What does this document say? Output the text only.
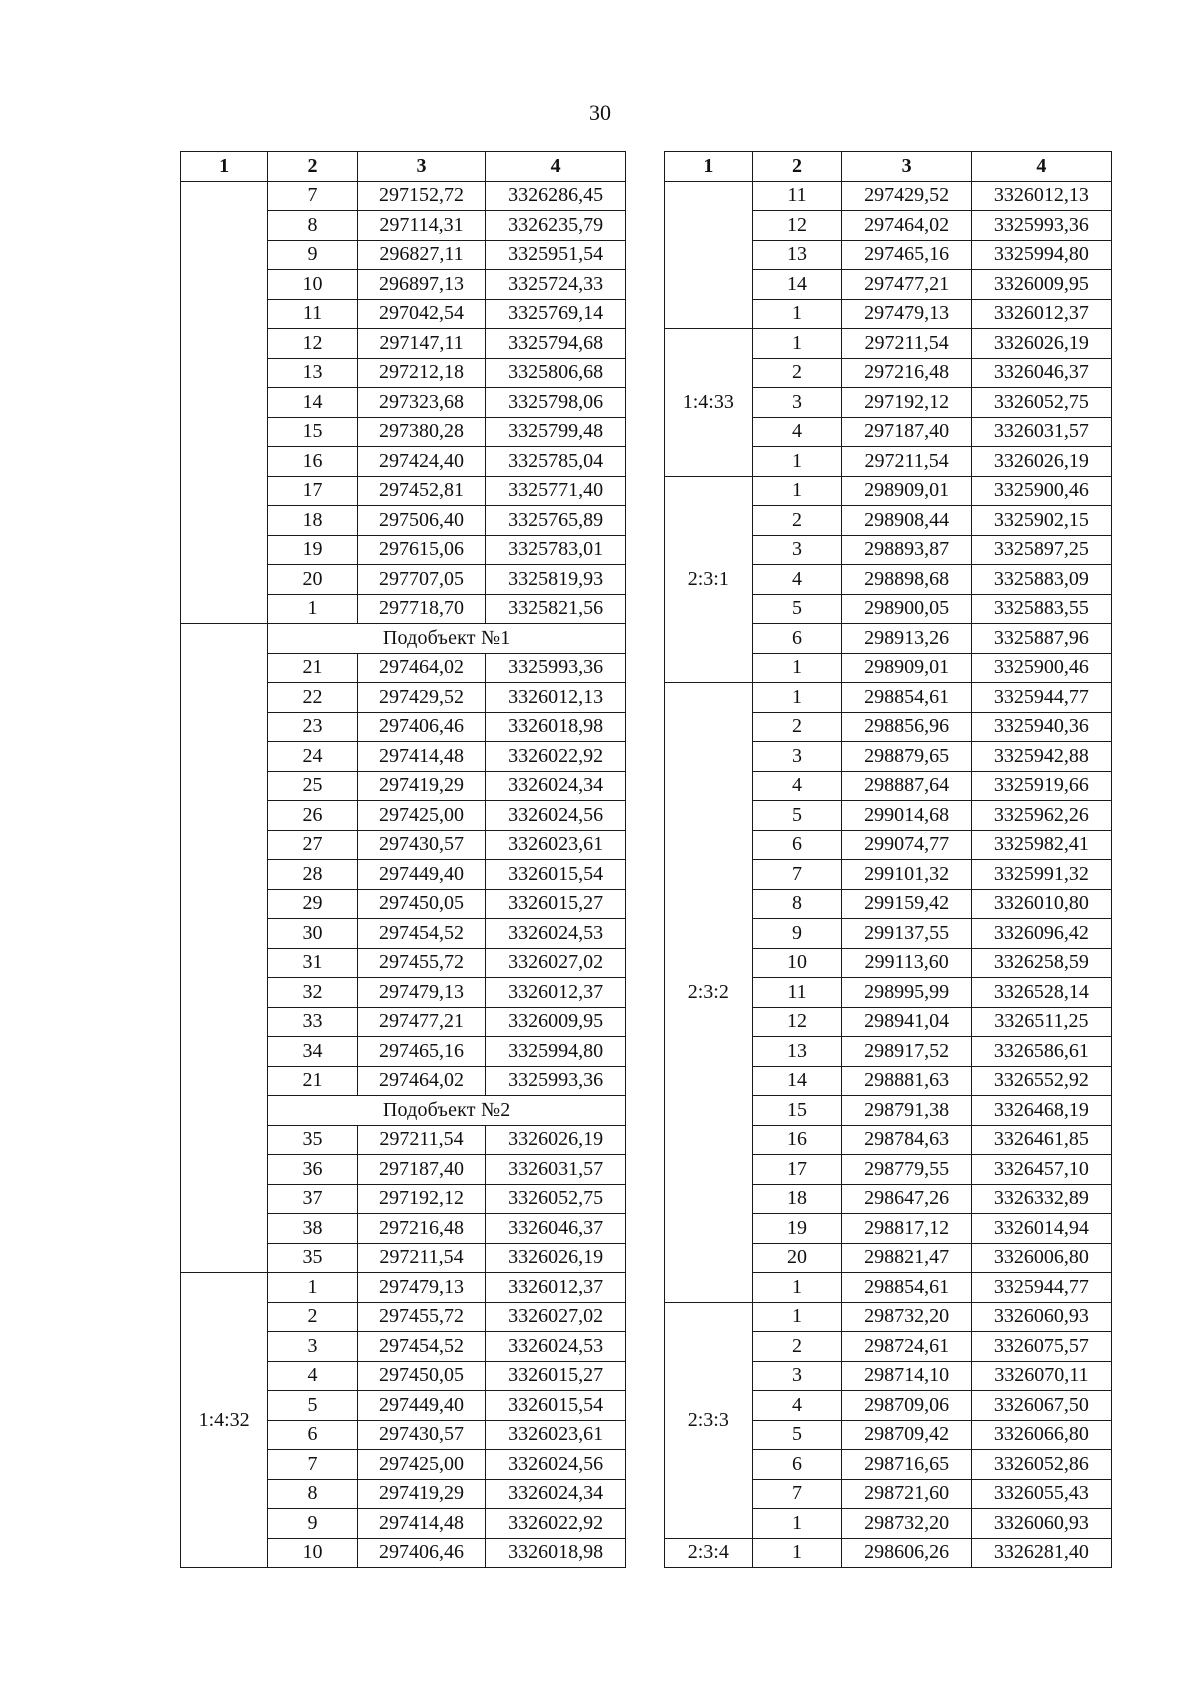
30
1	2	3	4
	7	297152,72	3326286,45
	8	297114,31	3326235,79
	9	296827,11	3325951,54
	10	296897,13	3325724,33
	11	297042,54	3325769,14
	12	297147,11	3325794,68
	13	297212,18	3325806,68
	14	297323,68	3325798,06
	15	297380,28	3325799,48
	16	297424,40	3325785,04
	17	297452,81	3325771,40
	18	297506,40	3325765,89
	19	297615,06	3325783,01
	20	297707,05	3325819,93
	1	297718,70	3325821,56
	Подобъект №1		
	21	297464,02	3325993,36
	22	297429,52	3326012,13
	23	297406,46	3326018,98
	24	297414,48	3326022,92
	25	297419,29	3326024,34
	26	297425,00	3326024,56
	27	297430,57	3326023,61
	28	297449,40	3326015,54
	29	297450,05	3326015,27
	30	297454,52	3326024,53
	31	297455,72	3326027,02
	32	297479,13	3326012,37
	33	297477,21	3326009,95
	34	297465,16	3325994,80
	21	297464,02	3325993,36
	Подобъект №2		
	35	297211,54	3326026,19
	36	297187,40	3326031,57
	37	297192,12	3326052,75
	38	297216,48	3326046,37
	35	297211,54	3326026,19
1:4:32	1	297479,13	3326012,37
	2	297455,72	3326027,02
	3	297454,52	3326024,53
	4	297450,05	3326015,27
	5	297449,40	3326015,54
	6	297430,57	3326023,61
	7	297425,00	3326024,56
	8	297419,29	3326024,34
	9	297414,48	3326022,92
	10	297406,46	3326018,98
1	2	3	4
	11	297429,52	3326012,13
	12	297464,02	3325993,36
	13	297465,16	3325994,80
	14	297477,21	3326009,95
	1	297479,13	3326012,37
1:4:33	1	297211,54	3326026,19
	2	297216,48	3326046,37
	3	297192,12	3326052,75
	4	297187,40	3326031,57
	1	297211,54	3326026,19
2:3:1	1	298909,01	3325900,46
	2	298908,44	3325902,15
	3	298893,87	3325897,25
	4	298898,68	3325883,09
	5	298900,05	3325883,55
	6	298913,26	3325887,96
	1	298909,01	3325900,46
2:3:2	1	298854,61	3325944,77
	2	298856,96	3325940,36
	3	298879,65	3325942,88
	4	298887,64	3325919,66
	5	299014,68	3325962,26
	6	299074,77	3325982,41
	7	299101,32	3325991,32
	8	299159,42	3326010,80
	9	299137,55	3326096,42
	10	299113,60	3326258,59
	11	298995,99	3326528,14
	12	298941,04	3326511,25
	13	298917,52	3326586,61
	14	298881,63	3326552,92
	15	298791,38	3326468,19
	16	298784,63	3326461,85
	17	298779,55	3326457,10
	18	298647,26	3326332,89
	19	298817,12	3326014,94
	20	298821,47	3326006,80
	1	298854,61	3325944,77
2:3:3	1	298732,20	3326060,93
	2	298724,61	3326075,57
	3	298714,10	3326070,11
	4	298709,06	3326067,50
	5	298709,42	3326066,80
	6	298716,65	3326052,86
	7	298721,60	3326055,43
	1	298732,20	3326060,93
2:3:4	1	298606,26	3326281,40
